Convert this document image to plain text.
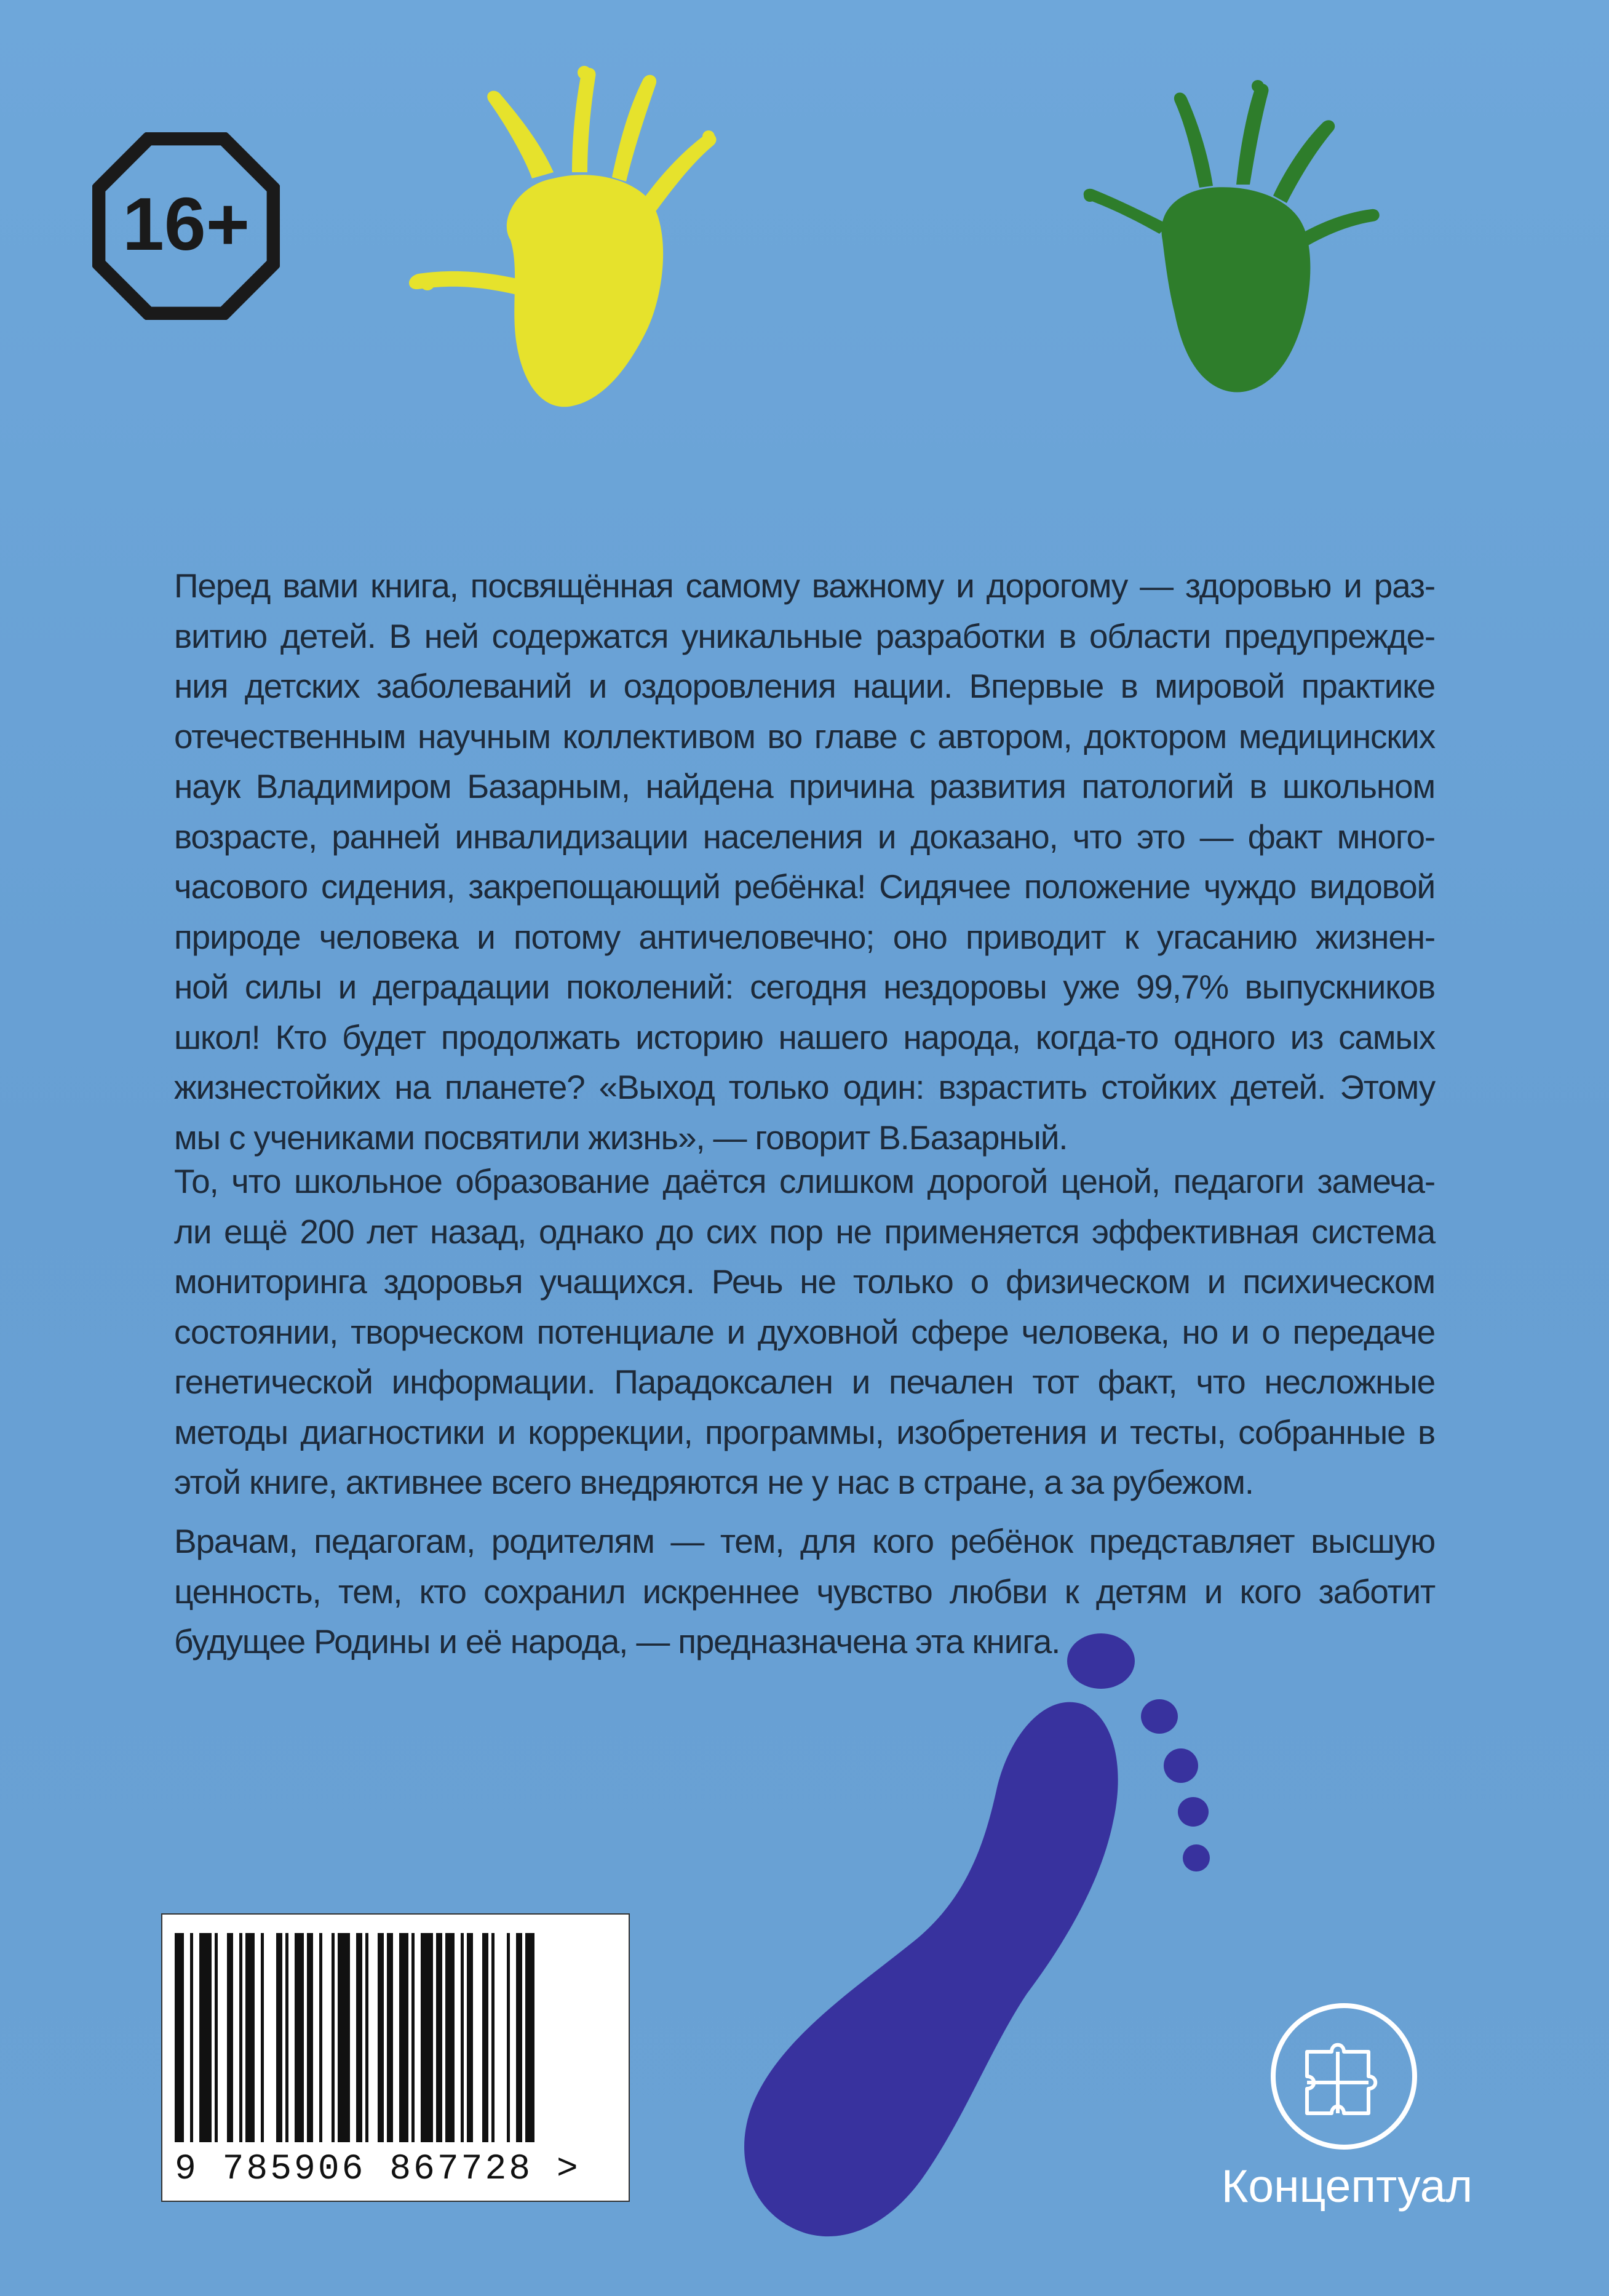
16+
Перед вами книга, посвящённая самому важному и дорогому — здоровью и раз-
витию детей. В ней содержатся уникальные разработки в области предупрежде-
ния детских заболеваний и оздоровления нации. Впервые в мировой практике
отечественным научным коллективом во главе с автором, доктором медицинских
наук Владимиром Базарным, найдена причина развития патологий в школьном
возрасте, ранней инвалидизации населения и доказано, что это — факт много-
часового сидения, закрепощающий ребёнка! Сидячее положение чуждо видовой
природе человека и потому античеловечно; оно приводит к угасанию жизнен-
ной силы и деградации поколений: сегодня нездоровы уже 99,7% выпускников
школ! Кто будет продолжать историю нашего народа, когда-то одного из самых
жизнестойких на планете? «Выход только один: взрастить стойких детей. Этому
мы с учениками посвятили жизнь», — говорит В.Базарный.
То, что школьное образование даётся слишком дорогой ценой, педагоги замеча-
ли ещё 200 лет назад, однако до сих пор не применяется эффективная система
мониторинга здоровья учащихся. Речь не только о физическом и психическом
состоянии, творческом потенциале и духовной сфере человека, но и о передаче
генетической информации. Парадоксален и печален тот факт, что несложные
методы диагностики и коррекции, программы, изобретения и тесты, собранные в
этой книге, активнее всего внедряются не у нас в стране, а за рубежом.
Врачам, педагогам, родителям — тем, для кого ребёнок представляет высшую
ценность, тем, кто сохранил искреннее чувство любви к детям и кого заботит
будущее Родины и её народа, — предназначена эта книга.
9 785906 867728 >	Концептуал
